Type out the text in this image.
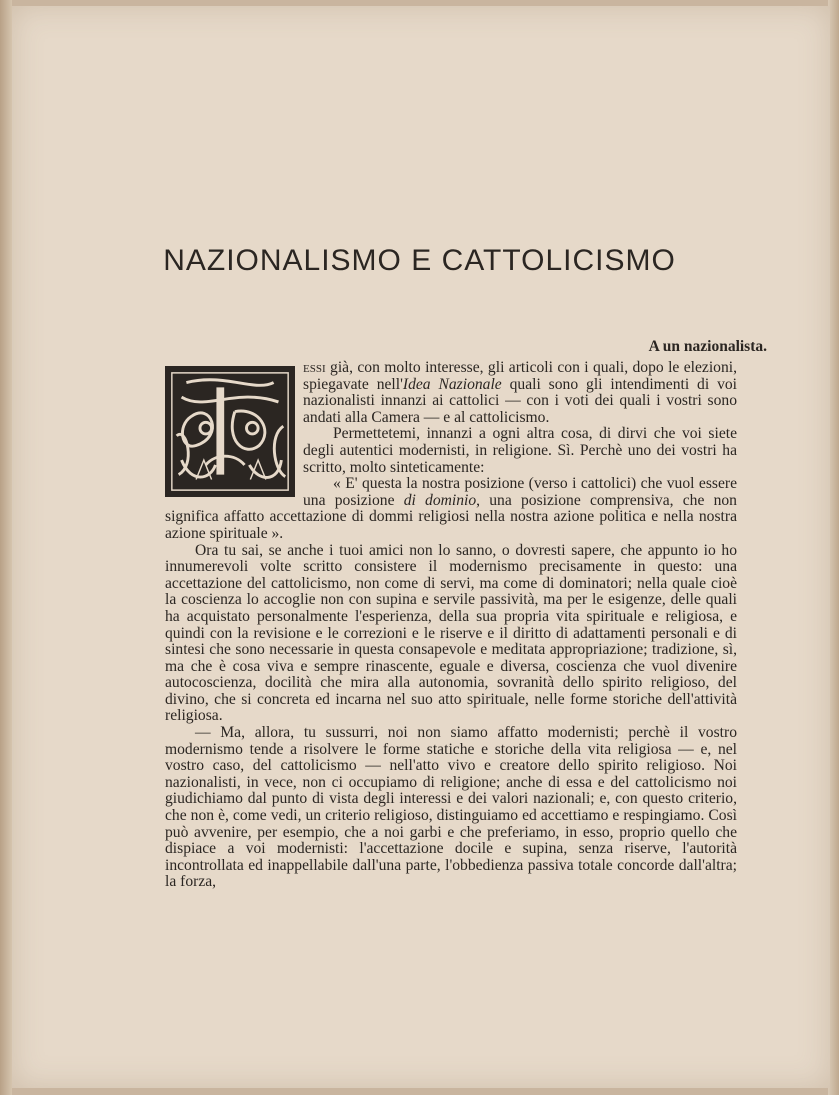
NAZIONALISMO E CATTOLICISMO
A un nazionalista.

essi già, con molto interesse, gli articoli con i quali, dopo le elezioni, spiegavate nell'Idea Nazionale quali sono gli intendimenti di voi nazionalisti innanzi ai cattolici — con i voti dei quali i vostri sono andati alla Camera — e al cattolicismo.

Permettetemi, innanzi a ogni altra cosa, di dirvi che voi siete degli autentici modernisti, in religione. Sì. Perchè uno dei vostri ha scritto, molto sinteticamente:

« E' questa la nostra posizione (verso i cattolici) che vuol essere una posizione di dominio, una posizione comprensiva, che non significa affatto accettazione di dommi religiosi nella nostra azione politica e nella nostra azione spirituale ».

Ora tu sai, se anche i tuoi amici non lo sanno, o dovresti sapere, che appunto io ho innumerevoli volte scritto consistere il modernismo precisamente in questo: una accettazione del cattolicismo, non come di servi, ma come di dominatori; nella quale cioè la coscienza lo accoglie non con supina e servile passività, ma per le esigenze, delle quali ha acquistato personalmente l'esperienza, della sua propria vita spirituale e religiosa, e quindi con la revisione e le correzioni e le riserve e il diritto di adattamenti personali e di sintesi che sono necessarie in questa consapevole e meditata appropriazione; tradizione, sì, ma che è cosa viva e sempre rinascente, eguale e diversa, coscienza che vuol divenire autocoscienza, docilità che mira alla autonomia, sovranità dello spirito religioso, del divino, che si concreta ed incarna nel suo atto spirituale, nelle forme storiche dell'attività religiosa.

— Ma, allora, tu sussurri, noi non siamo affatto modernisti; perchè il vostro modernismo tende a risolvere le forme statiche e storiche della vita religiosa — e, nel vostro caso, del cattolicismo — nell'atto vivo e creatore dello spirito religioso. Noi nazionalisti, in vece, non ci occupiamo di religione; anche di essa e del cattolicismo noi giudichiamo dal punto di vista degli interessi e dei valori nazionali; e, con questo criterio, che non è, come vedi, un criterio religioso, distinguiamo ed accettiamo e respingiamo. Così può avvenire, per esempio, che a noi garbi e che preferiamo, in esso, proprio quello che dispiace a voi modernisti: l'accettazione docile e supina, senza riserve, l'autorità incontrollata ed inappellabile dall'una parte, l'obbedienza passiva totale concorde dall'altra; la forza,
